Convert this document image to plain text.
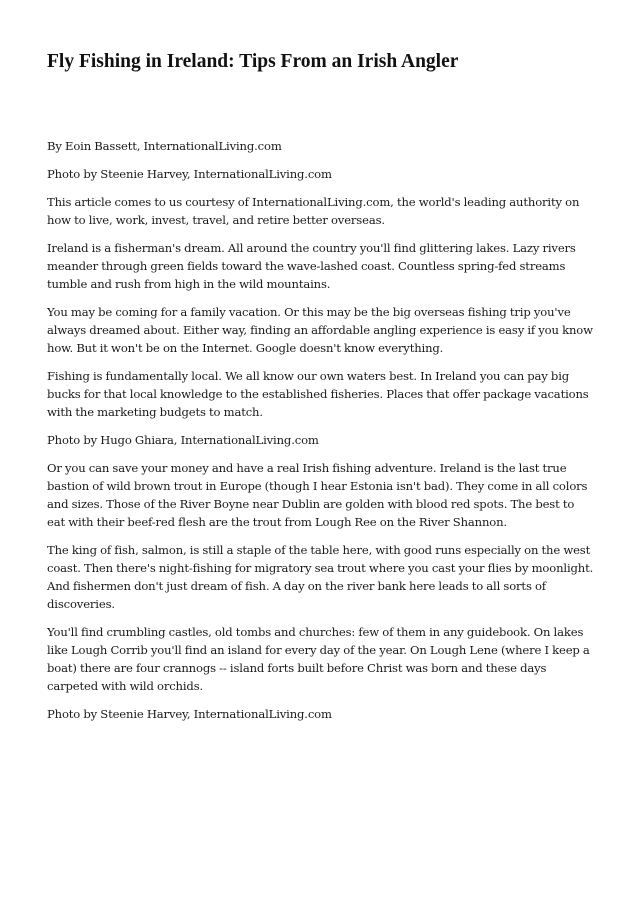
Fly Fishing in Ireland: Tips From an Irish Angler

By Eoin Bassett, InternationalLiving.com

Photo by Steenie Harvey, InternationalLiving.com

This article comes to us courtesy of InternationalLiving.com, the world's leading authority on how to live, work, invest, travel, and retire better overseas.

Ireland is a fisherman's dream. All around the country you'll find glittering lakes. Lazy rivers meander through green fields toward the wave-lashed coast. Countless spring-fed streams tumble and rush from high in the wild mountains.

You may be coming for a family vacation. Or this may be the big overseas fishing trip you've always dreamed about. Either way, finding an affordable angling experience is easy if you know how. But it won't be on the Internet. Google doesn't know everything.

Fishing is fundamentally local. We all know our own waters best. In Ireland you can pay big bucks for that local knowledge to the established fisheries. Places that offer package vacations with the marketing budgets to match.

Photo by Hugo Ghiara, InternationalLiving.com

Or you can save your money and have a real Irish fishing adventure. Ireland is the last true bastion of wild brown trout in Europe (though I hear Estonia isn't bad). They come in all colors and sizes. Those of the River Boyne near Dublin are golden with blood red spots. The best to eat with their beef-red flesh are the trout from Lough Ree on the River Shannon.

The king of fish, salmon, is still a staple of the table here, with good runs especially on the west coast. Then there's night-fishing for migratory sea trout where you cast your flies by moonlight. And fishermen don't just dream of fish. A day on the river bank here leads to all sorts of discoveries.

You'll find crumbling castles, old tombs and churches: few of them in any guidebook. On lakes like Lough Corrib you'll find an island for every day of the year. On Lough Lene (where I keep a boat) there are four crannogs -- island forts built before Christ was born and these days carpeted with wild orchids.

Photo by Steenie Harvey, InternationalLiving.com
